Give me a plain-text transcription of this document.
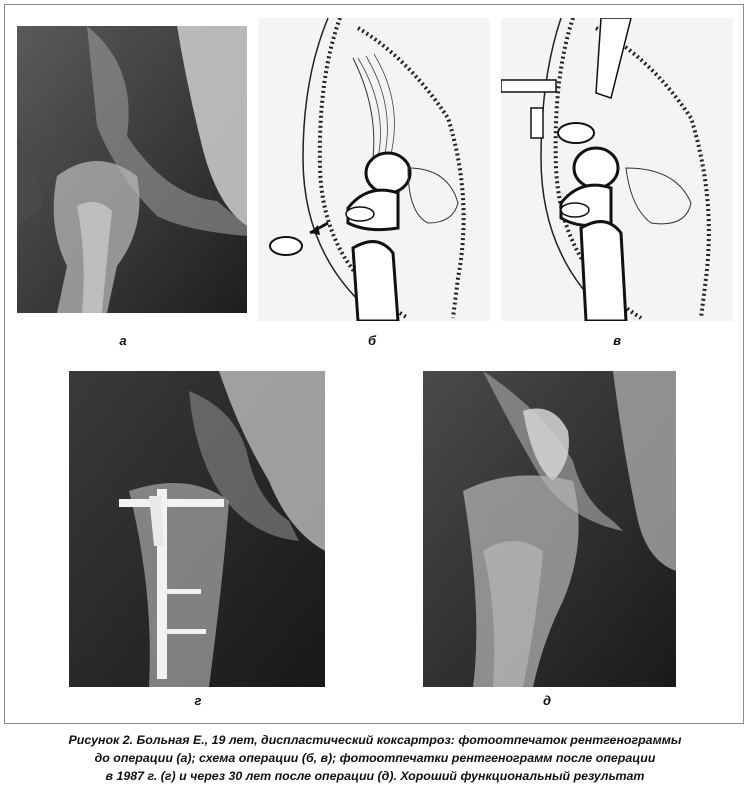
а	б	в
г	д
Рисунок 2. Больная Е., 19 лет, диспластический коксартроз: фотоотпечаток рентгенограммы
до операции (а); схема операции (б, в); фотоотпечатки рентгенограмм после операции
в 1987 г. (г) и через 30 лет после операции (д). Хороший функциональный результат
